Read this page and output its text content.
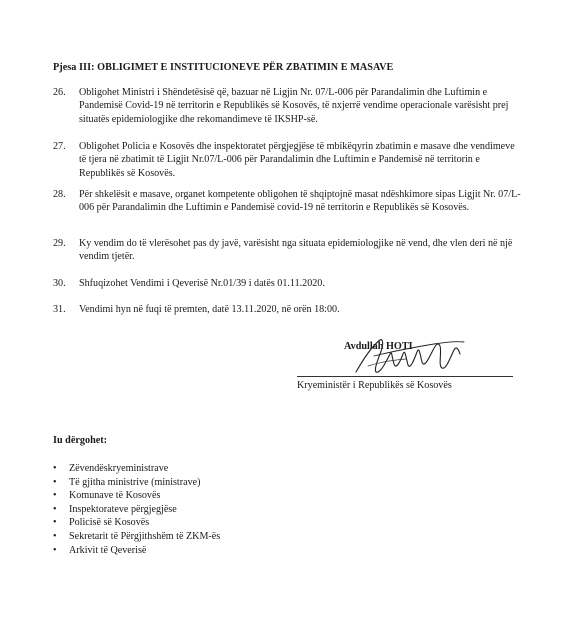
Pjesa III: OBLIGIMET E INSTITUCIONEVE PËR ZBATIMIN E MASAVE
26.	Obligohet Ministri i Shëndetësisë që, bazuar në Ligjin Nr. 07/L-006 për Parandalimin dhe Luftimin e Pandemisë Covid-19 në territorin e Republikës së Kosovës, të nxjerrë vendime operacionale varësisht prej situatës epidemiologjike dhe rekomandimeve të IKSHP-së.
27.	Obligohet Policia e Kosovës dhe inspektoratet përgjegjëse të mbikëqyrin zbatimin e masave dhe vendimeve të tjera në zbatimit të Ligjit Nr.07/L-006 për Parandalimin dhe Luftimin e Pandemisë në territorin e Republikës së Kosovës.
28.	Për shkelësit e masave, organet kompetente obligohen të shqiptojnë masat ndëshkimore sipas Ligjit Nr. 07/L-006 për Parandalimin dhe Luftimin e Pandemisë covid-19 në territorin e Republikës së Kosovës.
29.	Ky vendim do të vlerësohet pas dy javë, varësisht nga situata epidemiologjike në vend, dhe vlen deri në një vendim tjetër.
30.	Shfuqizohet Vendimi i Qeverisë Nr.01/39 i datës 01.11.2020.
31.	Vendimi hyn në fuqi të premten, datë 13.11.2020, në orën 18:00.
Avdullah HOTI
Kryeministër i Republikës së Kosovës
Iu dërgohet:
•	Zëvendëskryeministrave
•	Të gjitha ministrive (ministrave)
•	Komunave të Kosovës
•	Inspektorateve përgjegjëse
•	Policisë së Kosovës
•	Sekretarit të Përgjithshëm të ZKM-ës
•	Arkivit të Qeverisë
